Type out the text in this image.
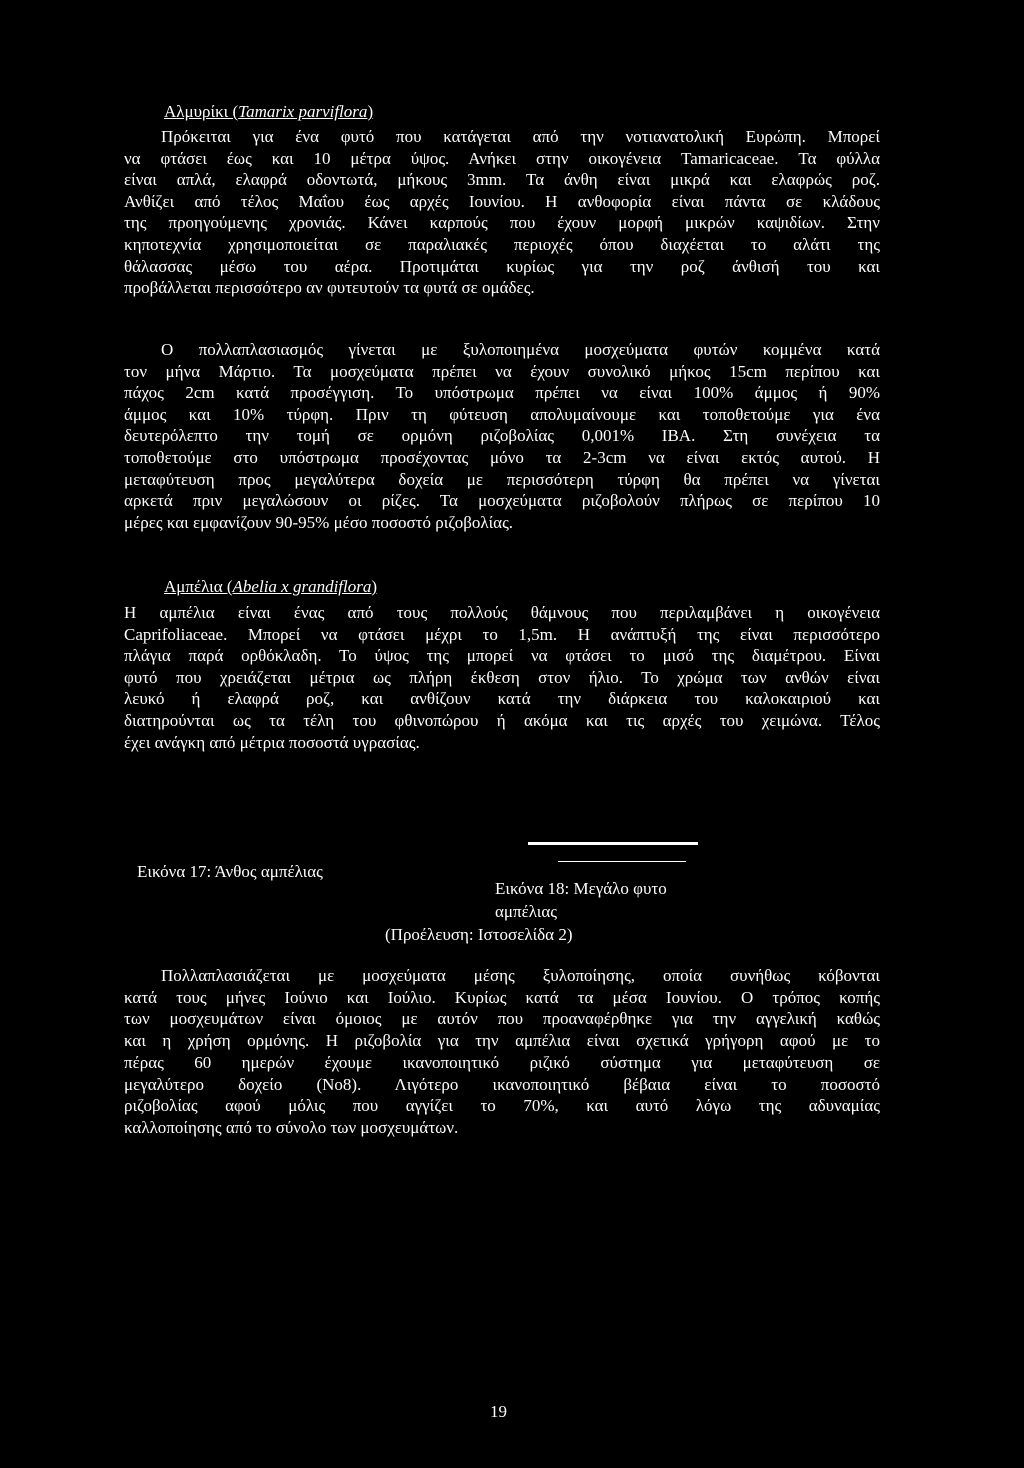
Αλμυρίκι (Tamarix parviflora)
Πρόκειται για ένα φυτό που κατάγεται από την νοτιανατολική Ευρώπη. Μπορεί
να φτάσει έως και 10 μέτρα ύψος. Ανήκει στην οικογένεια Tamaricaceae. Τα φύλλα
είναι απλά, ελαφρά οδοντωτά, μήκους 3mm. Τα άνθη είναι μικρά και ελαφρώς ροζ.
Ανθίζει από τέλος Μαΐου έως αρχές Ιουνίου. Η ανθοφορία είναι πάντα σε κλάδους
της προηγούμενης χρονιάς. Κάνει καρπούς που έχουν μορφή μικρών καψιδίων. Στην
κηποτεχνία χρησιμοποιείται σε παραλιακές περιοχές όπου διαχέεται το αλάτι της
θάλασσας μέσω του αέρα. Προτιμάται κυρίως για την ροζ άνθισή του και
προβάλλεται περισσότερο αν φυτευτούν τα φυτά σε ομάδες.
Ο πολλαπλασιασμός γίνεται με ξυλοποιημένα μοσχεύματα φυτών κομμένα κατά
τον μήνα Μάρτιο. Τα μοσχεύματα πρέπει να έχουν συνολικό μήκος 15cm περίπου και
πάχος 2cm κατά προσέγγιση. Το υπόστρωμα πρέπει να είναι 100% άμμος ή 90%
άμμος και 10% τύρφη. Πριν τη φύτευση απολυμαίνουμε και τοποθετούμε για ένα
δευτερόλεπτο την τομή σε ορμόνη ριζοβολίας 0,001% IBA. Στη συνέχεια τα
τοποθετούμε στο υπόστρωμα προσέχοντας μόνο τα 2-3cm να είναι εκτός αυτού. Η
μεταφύτευση προς μεγαλύτερα δοχεία με περισσότερη τύρφη θα πρέπει να γίνεται
αρκετά πριν μεγαλώσουν οι ρίζες. Τα μοσχεύματα ριζοβολούν πλήρως σε περίπου 10
μέρες και εμφανίζουν 90-95% μέσο ποσοστό ριζοβολίας.
Αμπέλια (Abelia x grandiflora)
Η αμπέλια είναι ένας από τους πολλούς θάμνους που περιλαμβάνει η οικογένεια
Caprifoliaceae. Μπορεί να φτάσει μέχρι το 1,5m. Η ανάπτυξή της είναι περισσότερο
πλάγια παρά ορθόκλαδη. Το ύψος της μπορεί να φτάσει το μισό της διαμέτρου. Είναι
φυτό που χρειάζεται μέτρια ως πλήρη έκθεση στον ήλιο. Το χρώμα των ανθών είναι
λευκό ή ελαφρά ροζ, και ανθίζουν κατά την διάρκεια του καλοκαιριού και
διατηρούνται ως τα τέλη του φθινοπώρου ή ακόμα και τις αρχές του χειμώνα. Τέλος
έχει ανάγκη από μέτρια ποσοστά υγρασίας.
Εικόνα 17: Άνθος αμπέλιας
Εικόνα 18: Μεγάλο φυτο
αμπέλιας
(Προέλευση: Ιστοσελίδα 2)
Πολλαπλασιάζεται με μοσχεύματα μέσης ξυλοποίησης, οποία συνήθως κόβονται
κατά τους μήνες Ιούνιο και Ιούλιο. Κυρίως κατά τα μέσα Ιουνίου. Ο τρόπος κοπής
των μοσχευμάτων είναι όμοιος με αυτόν που προαναφέρθηκε για την αγγελική καθώς
και η χρήση ορμόνης. Η ριζοβολία για την αμπέλια είναι σχετικά γρήγορη αφού με το
πέρας 60 ημερών έχουμε ικανοποιητικό ριζικό σύστημα για μεταφύτευση σε
μεγαλύτερο δοχείο (No8). Λιγότερο ικανοποιητικό βέβαια είναι το ποσοστό
ριζοβολίας αφού μόλις που αγγίζει το 70%, και αυτό λόγω της αδυναμίας
καλλοποίησης από το σύνολο των μοσχευμάτων.
19
